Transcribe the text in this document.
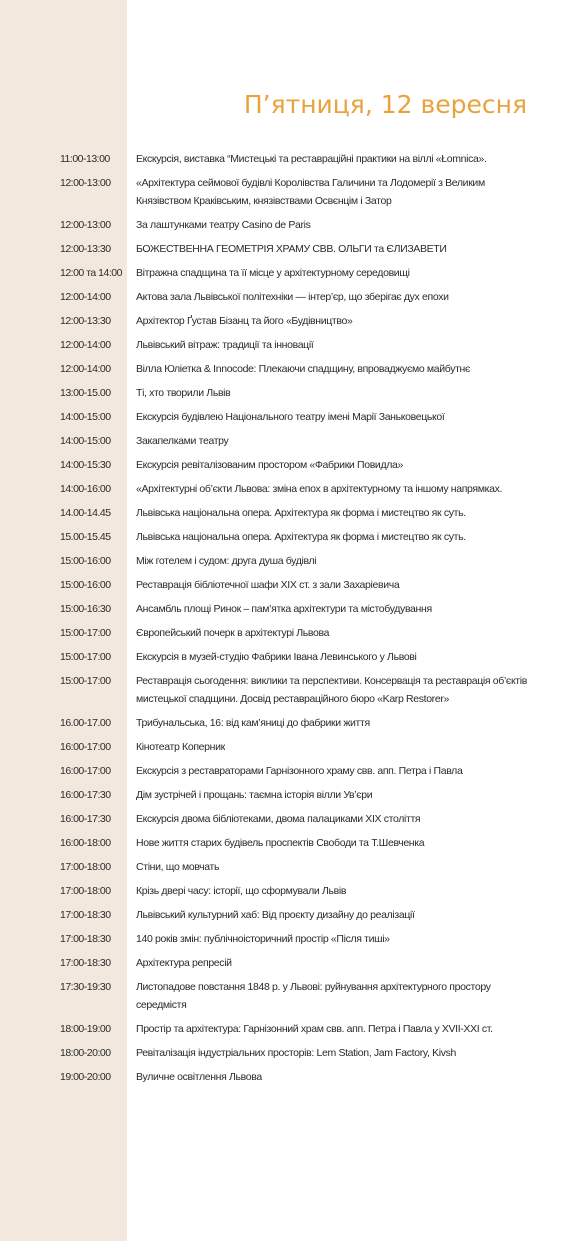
П’ятниця, 12 вересня
11:00-13:00	Екскурсія, виставка “Мистецькі та реставраційні практики на віллі «Łomnica».
12:00-13:00	«Архітектура сеймової будівлі Королівства Галичини та Лодомерії з Великим Князівством Краківським, князівствами Освєнцім і Затор
12:00-13:00	За лаштунками театру Casino de Paris
12:00-13:30	БОЖЕСТВЕННА ГЕОМЕТРІЯ ХРАМУ СВВ. ОЛЬГИ та ЄЛИЗАВЕТИ
12:00 та 14:00	Вітражна спадщина та її місце у архітектурному середовищі
12:00-14:00	Актова зала Львівської політехніки — інтер’єр, що зберігає дух епохи
12:00-13:30	Архітектор Ґустав Бізанц та його «Будівництво»
12:00-14:00	Львівський вітраж: традиції та інновації
12:00-14:00	Вілла Юліетка & Innocode: Плекаючи спадщину, впроваджуємо майбутнє
13:00-15.00	Ті, хто творили Львів
14:00-15:00	Екскурсія будівлею Національного театру імені Марії Заньковецької
14:00-15:00	Закапелками театру
14:00-15:30	Екскурсія ревіталізованим простором «Фабрики Повидла»
14:00-16:00	«Архітектурні об’єкти Львова: зміна епох в архітектурному та іншому напрямках.
14.00-14.45	Львівська національна опера. Архітектура як форма і мистецтво як суть.
15.00-15.45	Львівська національна опера. Архітектура як форма і мистецтво як суть.
15:00-16:00	Між готелем і судом: друга душа будівлі
15:00-16:00	Реставрація бібліотечної шафи XIX ст. з зали Захаріевича
15:00-16:30	Ансамбль площі Ринок – пам’ятка архітектури та містобудування
15:00-17:00	Європейський почерк в архітектурі Львова
15:00-17:00	Екскурсія в музей-студію Фабрики Івана Левинського у Львові
15:00-17:00	Реставрація сьогодення: виклики та перспективи. Консервація та реставрація об’єктів мистецької спадщини. Досвід реставраційного бюро «Karp Restorer»
16.00-17.00	Трибунальська, 16: від кам’яниці до фабрики життя
16:00-17:00	Кінотеатр Коперник
16:00-17:00	Екскурсія з реставраторами Гарнізонного храму свв. апп. Петра і Павла
16:00-17:30	Дім зустрічей і прощань: таємна історія вілли Ув’єри
16:00-17:30	Екскурсія двома бібліотеками, двома палациками XIX століття
16:00-18:00	Нове життя старих будівель проспектів Свободи та Т.Шевченка
17:00-18:00	Стіни, що мовчать
17:00-18:00	Крізь двері часу: історії, що сформували Львів
17:00-18:30	Львівський культурний хаб: Від проєкту дизайну до реалізації
17:00-18:30	140 років змін: публічноісторичний простір «Після тиші»
17:00-18:30	Архітектура репресій
17:30-19:30	Листопадове повстання 1848 р. у Львові: руйнування архітектурного простору середмістя
18:00-19:00	Простір та архітектура: Гарнізонний храм свв. апп. Петра і Павла у XVII-XXI ст.
18:00-20:00	Ревіталізація індустріальних просторів: Lem Station, Jam Factory, Kivsh
19:00-20:00	Вуличне освітлення Львова
